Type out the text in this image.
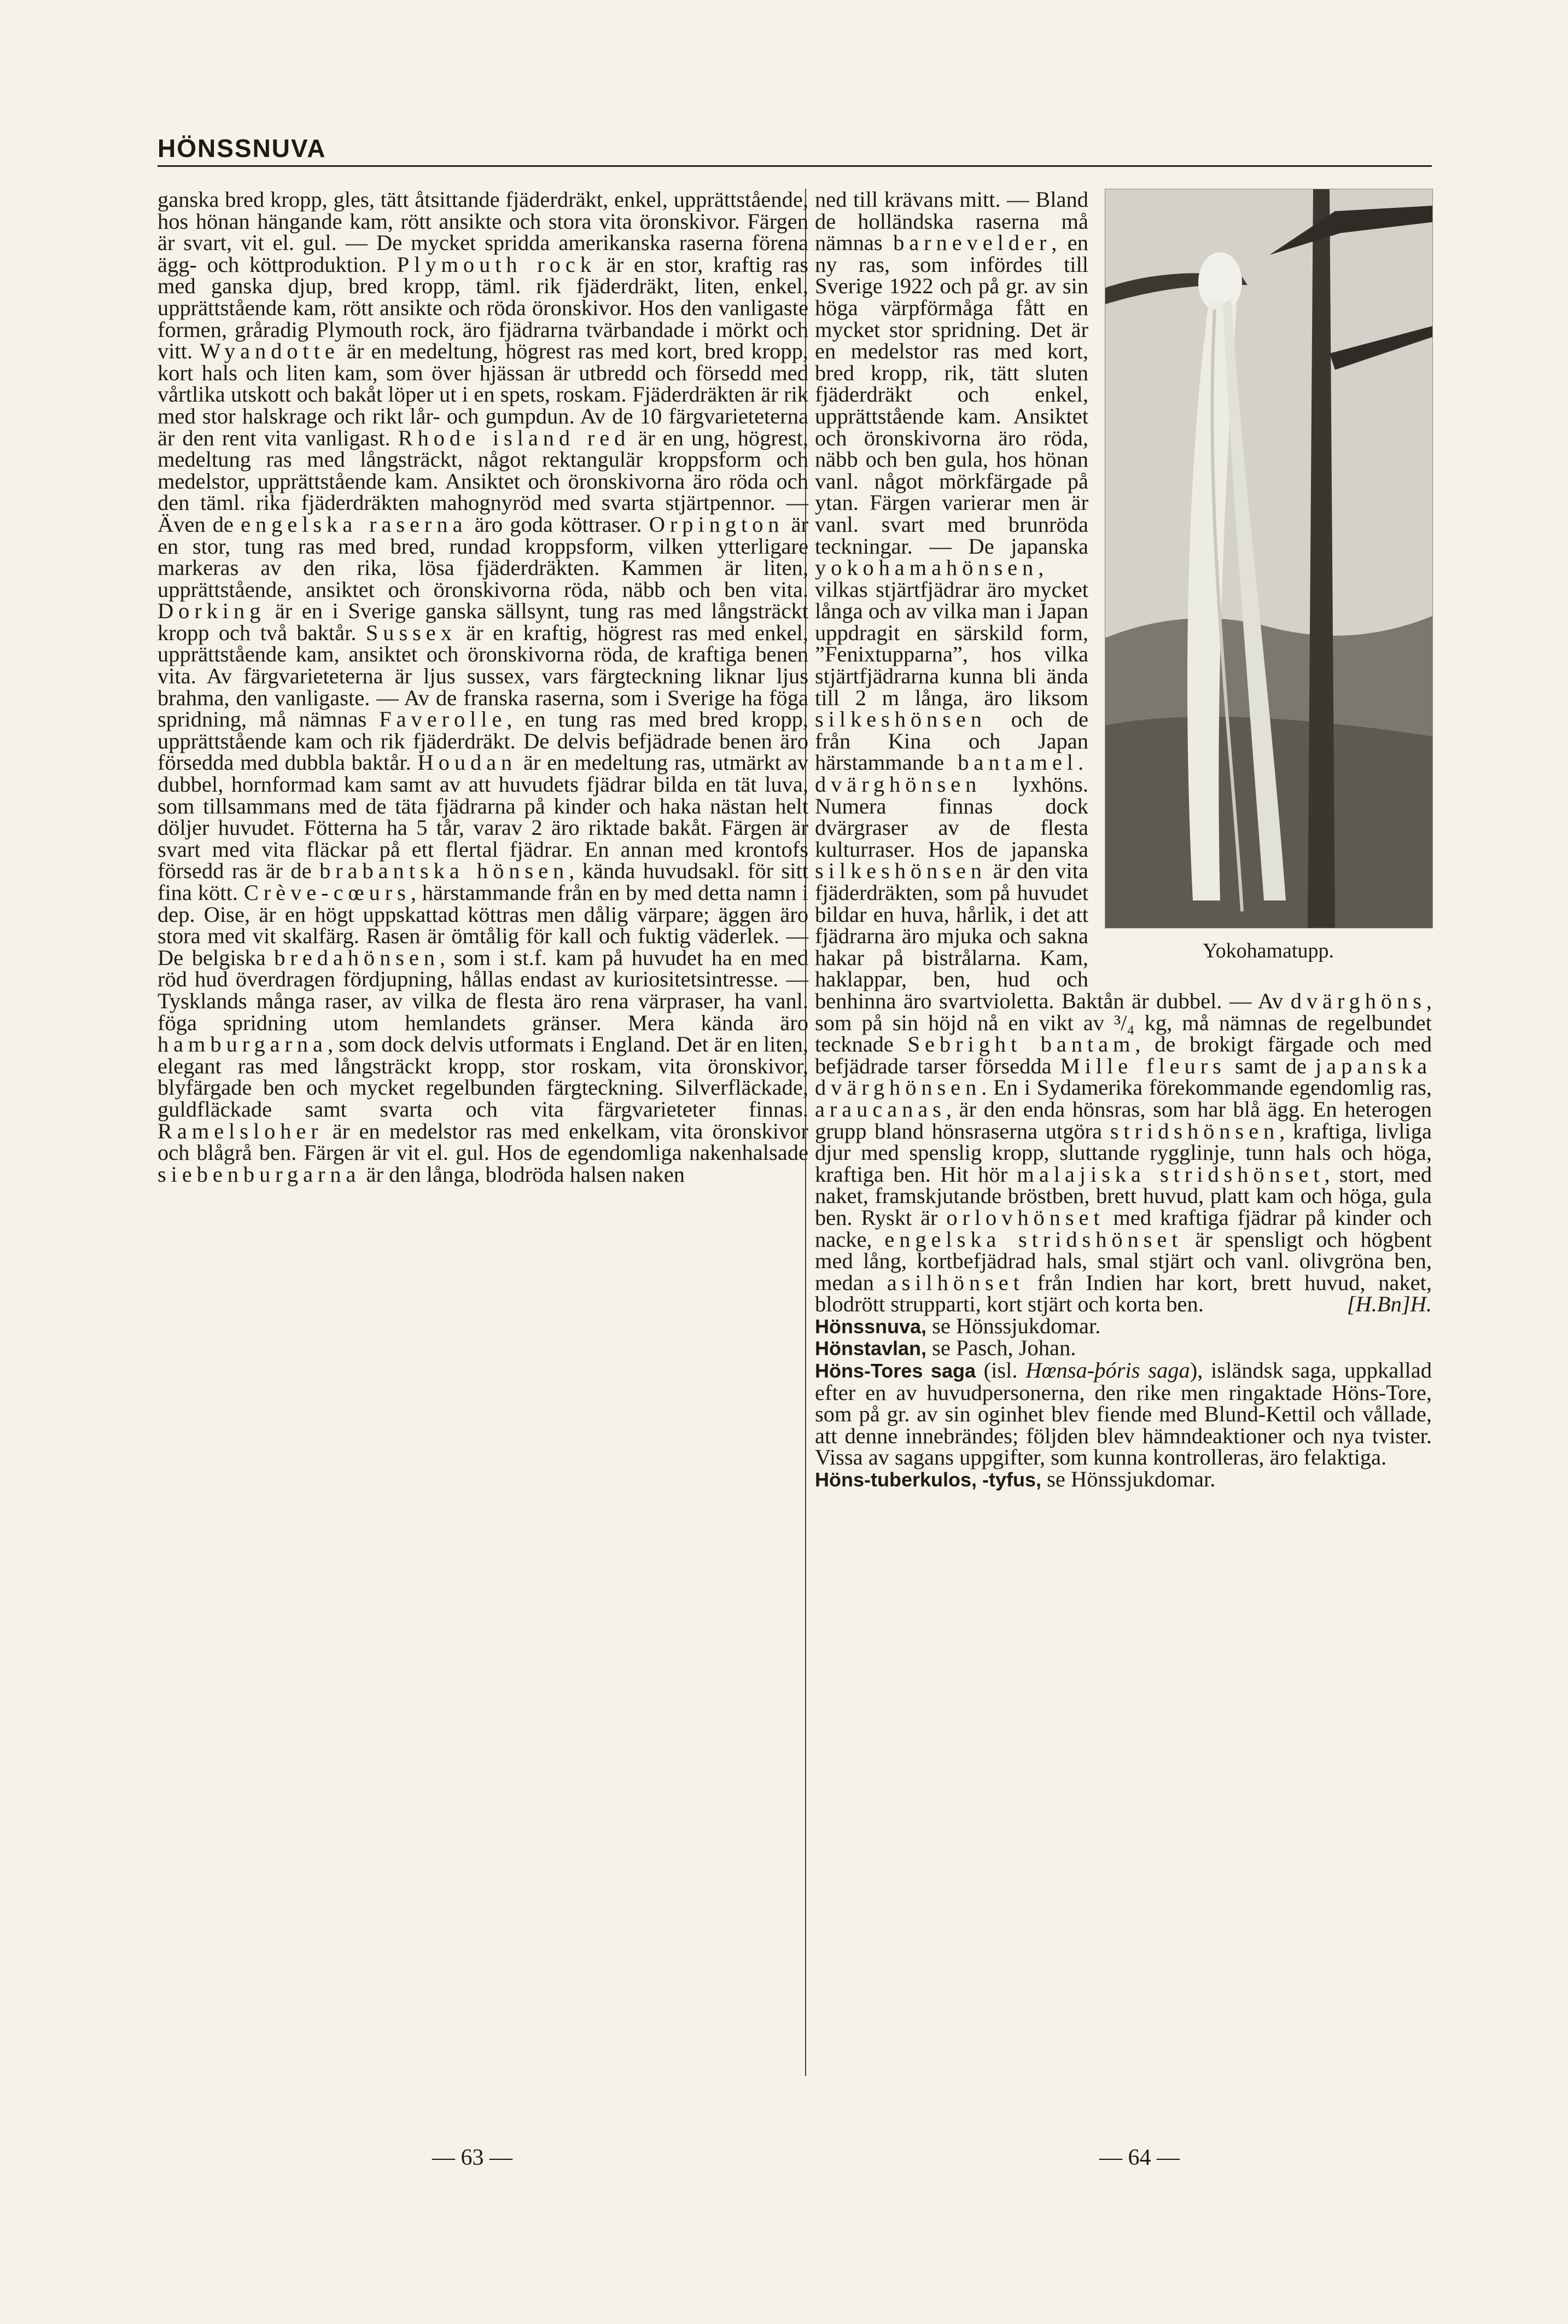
HÖNSSNUVA

ganska bred kropp, gles, tätt åtsittande fjäderdräkt, enkel, upprättstående, hos hönan hängande kam, rött ansikte och stora vita öronskivor. Färgen är svart, vit el. gul. — De mycket spridda amerikanska raserna förena ägg- och köttproduktion. Plymouth rock är en stor, kraftig ras med ganska djup, bred kropp, täml. rik fjäderdräkt, liten, enkel, upprättstående kam, rött ansikte och röda öronskivor. Hos den vanligaste formen, gråradig Plymouth rock, äro fjädrarna tvärbandade i mörkt och vitt. Wyandotte är en medeltung, högrest ras med kort, bred kropp, kort hals och liten kam, som över hjässan är utbredd och försedd med vårtlika utskott och bakåt löper ut i en spets, roskam. Fjäderdräkten är rik med stor halskrage och rikt lår- och gumpdun. Av de 10 färgvarieteterna är den rent vita vanligast. Rhode island red är en ung, högrest, medeltung ras med långsträckt, något rektangulär kroppsform och medelstor, upprättstående kam. Ansiktet och öronskivorna äro röda och den täml. rika fjäderdräkten mahognyröd med svarta stjärtpennor. — Även de engelska raserna äro goda köttraser. Orpington är en stor, tung ras med bred, rundad kroppsform, vilken ytterligare markeras av den rika, lösa fjäderdräkten. Kammen är liten, upprättstående, ansiktet och öronskivorna röda, näbb och ben vita. Dorking är en i Sverige ganska sällsynt, tung ras med långsträckt kropp och två baktår. Sussex är en kraftig, högrest ras med enkel, upprättstående kam, ansiktet och öronskivorna röda, de kraftiga benen vita. Av färgvarieteterna är ljus sussex, vars färgteckning liknar ljus brahma, den vanligaste. — Av de franska raserna, som i Sverige ha föga spridning, må nämnas Faverolle, en tung ras med bred kropp, upprättstående kam och rik fjäderdräkt. De delvis befjädrade benen äro försedda med dubbla baktår. Houdan är en medeltung ras, utmärkt av dubbel, hornformad kam samt av att huvudets fjädrar bilda en tät luva, som tillsammans med de täta fjädrarna på kinder och haka nästan helt döljer huvudet. Fötterna ha 5 tår, varav 2 äro riktade bakåt. Färgen är svart med vita fläckar på ett flertal fjädrar. En annan med krontofs försedd ras är de brabantska hönsen, kända huvudsakl. för sitt fina kött. Crève-cœurs, härstammande från en by med detta namn i dep. Oise, är en högt uppskattad köttras men dålig värpare; äggen äro stora med vit skalfärg. Rasen är ömtålig för kall och fuktig väderlek. — De belgiska bredahönsen, som i st.f. kam på huvudet ha en med röd hud överdragen fördjupning, hållas endast av kuriositetsintresse. — Tysklands många raser, av vilka de flesta äro rena värpraser, ha vanl. föga spridning utom hemlandets gränser. Mera kända äro hamburgarna, som dock delvis utformats i England. Det är en liten, elegant ras med långsträckt kropp, stor roskam, vita öronskivor, blyfärgade ben och mycket regelbunden färgteckning. Silverfläckade, guldfläckade samt svarta och vita färgvarieteter finnas. Ramelsloher är en medelstor ras med enkelkam, vita öronskivor och blågrå ben. Färgen är vit el. gul. Hos de egendomliga nakenhalsade siebenburgarna är den långa, blodröda halsen naken

Yokohamatupp.

ned till krävans mitt. — Bland de holländska raserna må nämnas barnevelder, en ny ras, som infördes till Sverige 1922 och på gr. av sin höga värpförmåga fått en mycket stor spridning. Det är en medelstor ras med kort, bred kropp, rik, tätt sluten fjäderdräkt och enkel, upprättstående kam. Ansiktet och öronskivorna äro röda, näbb och ben gula, hos hönan vanl. något mörkfärgade på ytan. Färgen varierar men är vanl. svart med brunröda teckningar. — De japanska yokohamahönsen, vilkas stjärtfjädrar äro mycket långa och av vilka man i Japan uppdragit en särskild form, ”Fenixtupparna”, hos vilka stjärtfjädrarna kunna bli ända till 2 m långa, äro liksom silkeshönsen och de från Kina och Japan härstammande bantamel. dvärghönsen lyxhöns. Numera finnas dock dvärgraser av de flesta kulturraser. Hos de japanska silkeshönsen är den vita fjäderdräkten, som på huvudet bildar en huva, hårlik, i det att fjädrarna äro mjuka och sakna hakar på bistrålarna. Kam, haklappar, ben, hud och benhinna äro svartvioletta. Baktån är dubbel. — Av dvärghöns, som på sin höjd nå en vikt av ³/₄ kg, må nämnas de regelbundet tecknade Sebright bantam, de brokigt färgade och med befjädrade tarser försedda Mille fleurs samt de japanska dvärghönsen. En i Sydamerika förekommande egendomlig ras, araucanas, är den enda hönsras, som har blå ägg. En heterogen grupp bland hönsraserna utgöra stridshönsen, kraftiga, livliga djur med spenslig kropp, sluttande rygglinje, tunn hals och höga, kraftiga ben. Hit hör malajiska stridshönset, stort, med naket, framskjutande bröstben, brett huvud, platt kam och höga, gula ben. Ryskt är orlovhönset med kraftiga fjädrar på kinder och nacke, engelska stridshönset är spensligt och högbent med lång, kortbefjädrad hals, smal stjärt och vanl. olivgröna ben, medan asilhönset från Indien har kort, brett huvud, naket, blodrött strupparti, kort stjärt och korta ben.	[H.Bn]H.

Hönssnuva, se Hönssjukdomar.

Hönstavlan, se Pasch, Johan.

Höns-Tores saga (isl. Hœnsa-þóris saga), isländsk saga, uppkallad efter en av huvudpersonerna, den rike men ringaktade Höns-Tore, som på gr. av sin oginhet blev fiende med Blund-Kettil och vållade, att denne innebrändes; följden blev hämndeaktioner och nya tvister. Vissa av sagans uppgifter, som kunna kontrolleras, äro felaktiga.

Höns-tuberkulos, -tyfus, se Hönssjukdomar.

— 63 —	— 64 —
